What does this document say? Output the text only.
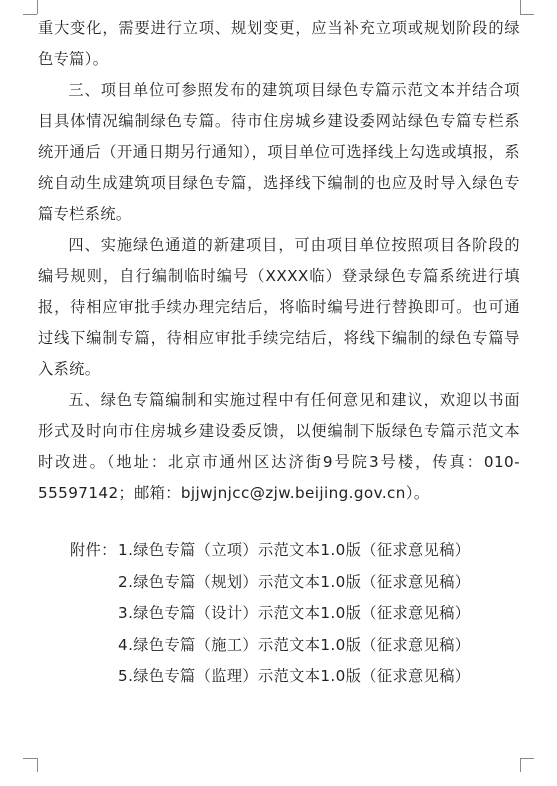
重大变化，需要进行立项、规划变更，应当补充立项或规划阶段的绿色专篇）。

三、项目单位可参照发布的建筑项目绿色专篇示范文本并结合项目具体情况编制绿色专篇。待市住房城乡建设委网站绿色专篇专栏系统开通后（开通日期另行通知），项目单位可选择线上勾选或填报，系统自动生成建筑项目绿色专篇，选择线下编制的也应及时导入绿色专篇专栏系统。

四、实施绿色通道的新建项目，可由项目单位按照项目各阶段的编号规则，自行编制临时编号（XXXX临）登录绿色专篇系统进行填报，待相应审批手续办理完结后，将临时编号进行替换即可。也可通过线下编制专篇，待相应审批手续完结后，将线下编制的绿色专篇导入系统。

五、绿色专篇编制和实施过程中有任何意见和建议，欢迎以书面形式及时向市住房城乡建设委反馈，以便编制下版绿色专篇示范文本时改进。（地址：北京市通州区达济街9号院3号楼，传真：010-55597142；邮箱：bjjwjnjcc@zjw.beijing.gov.cn）。

附件： 1. 绿色专篇（立项）示范文本1.0版（征求意见稿）
2. 绿色专篇（规划）示范文本1.0版（征求意见稿）
3. 绿色专篇（设计）示范文本1.0版（征求意见稿）
4. 绿色专篇（施工）示范文本1.0版（征求意见稿）
5. 绿色专篇（监理）示范文本1.0版（征求意见稿）
